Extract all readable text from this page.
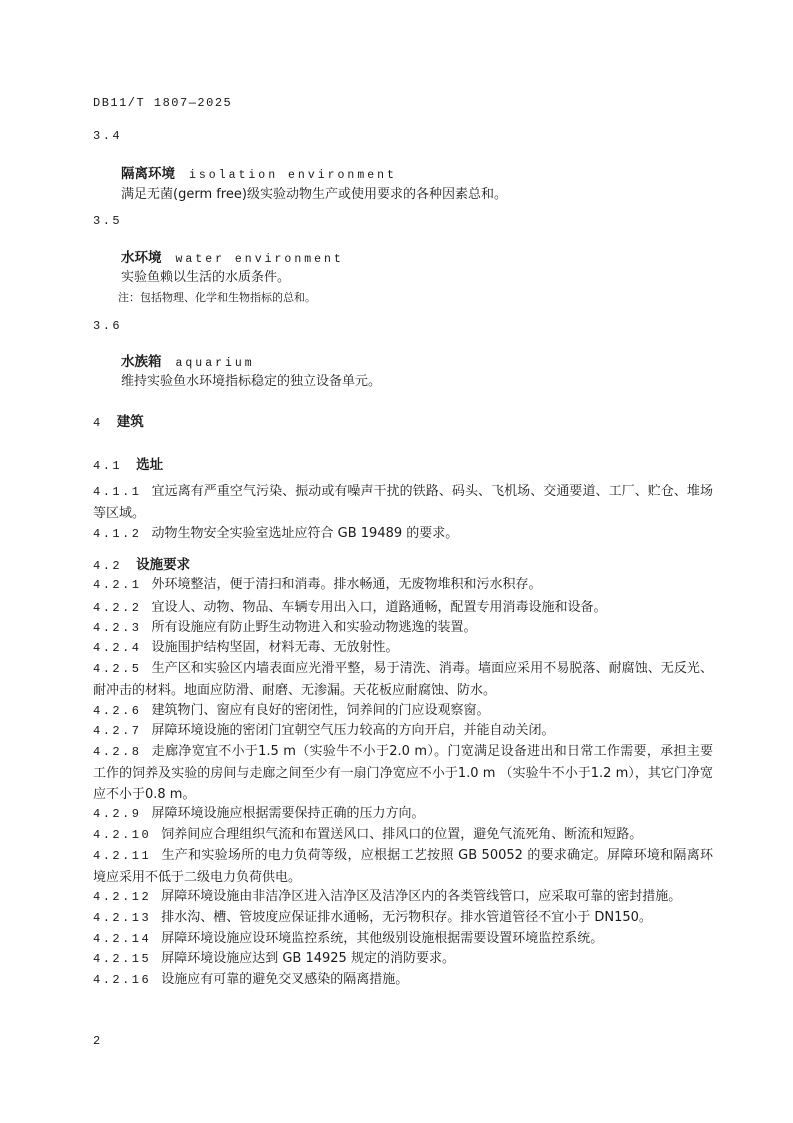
DB11/T 1807—2025
3.4
隔离环境 isolation environment
满足无菌(germ free)级实验动物生产或使用要求的各种因素总和。
3.5
水环境 water environment
实验鱼赖以生活的水质条件。
注：包括物理、化学和生物指标的总和。
3.6
水族箱 aquarium
维持实验鱼水环境指标稳定的独立设备单元。
4 建筑
4.1 选址
4.1.1 宜远离有严重空气污染、振动或有噪声干扰的铁路、码头、飞机场、交通要道、工厂、贮仓、堆场等区域。
4.1.2 动物生物安全实验室选址应符合 GB 19489 的要求。
4.2 设施要求
4.2.1 外环境整洁，便于清扫和消毒。排水畅通，无废物堆积和污水积存。
4.2.2 宜设人、动物、物品、车辆专用出入口，道路通畅，配置专用消毒设施和设备。
4.2.3 所有设施应有防止野生动物进入和实验动物逃逸的装置。
4.2.4 设施围护结构坚固，材料无毒、无放射性。
4.2.5 生产区和实验区内墙表面应光滑平整，易于清洗、消毒。墙面应采用不易脱落、耐腐蚀、无反光、耐冲击的材料。地面应防滑、耐磨、无渗漏。天花板应耐腐蚀、防水。
4.2.6 建筑物门、窗应有良好的密闭性，饲养间的门应设观察窗。
4.2.7 屏障环境设施的密闭门宜朝空气压力较高的方向开启，并能自动关闭。
4.2.8 走廊净宽宜不小于1.5 m（实验牛不小于2.0 m）。门宽满足设备进出和日常工作需要，承担主要工作的饲养及实验的房间与走廊之间至少有一扇门净宽应不小于1.0 m （实验牛不小于1.2 m），其它门净宽应不小于0.8 m。
4.2.9 屏障环境设施应根据需要保持正确的压力方向。
4.2.10 饲养间应合理组织气流和布置送风口、排风口的位置，避免气流死角、断流和短路。
4.2.11 生产和实验场所的电力负荷等级，应根据工艺按照 GB 50052 的要求确定。屏障环境和隔离环境应采用不低于二级电力负荷供电。
4.2.12 屏障环境设施由非洁净区进入洁净区及洁净区内的各类管线管口，应采取可靠的密封措施。
4.2.13 排水沟、槽、管坡度应保证排水通畅，无污物积存。排水管道管径不宜小于 DN150。
4.2.14 屏障环境设施应设环境监控系统，其他级别设施根据需要设置环境监控系统。
4.2.15 屏障环境设施应达到 GB 14925 规定的消防要求。
4.2.16 设施应有可靠的避免交叉感染的隔离措施。
2
